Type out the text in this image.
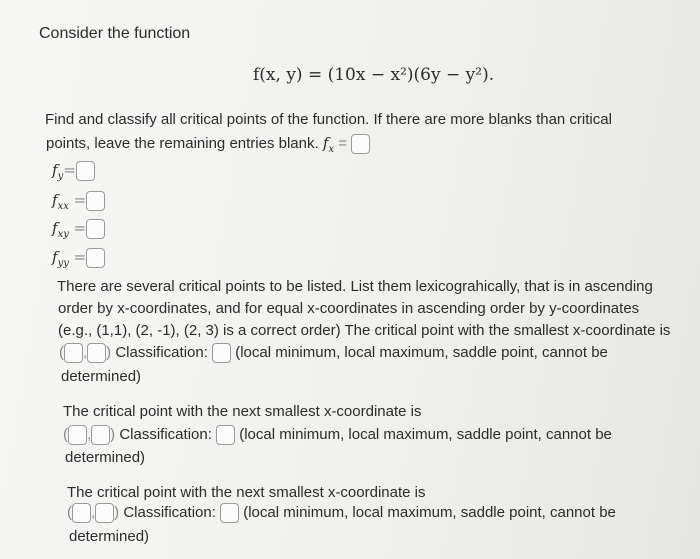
Consider the function
f(x, y) = (10x − x²)(6y − y²).
Find and classify all critical points of the function. If there are more blanks than critical
points, leave the remaining entries blank. $f_x$ =
$f_y=$
$f_{xx}$ =
$f_{xy}$ =
$f_{yy}$ =
There are several critical points to be listed. List them lexicograhically, that is in ascending
order by x-coordinates, and for equal x-coordinates in ascending order by y-coordinates
(e.g., (1,1), (2, -1), (2, 3) is a correct order) The critical point with the smallest x-coordinate is
( , ) Classification: (local minimum, local maximum, saddle point, cannot be
determined)
The critical point with the next smallest x-coordinate is
( , ) Classification: (local minimum, local maximum, saddle point, cannot be
determined)
The critical point with the next smallest x-coordinate is
( , ) Classification: (local minimum, local maximum, saddle point, cannot be
determined)
